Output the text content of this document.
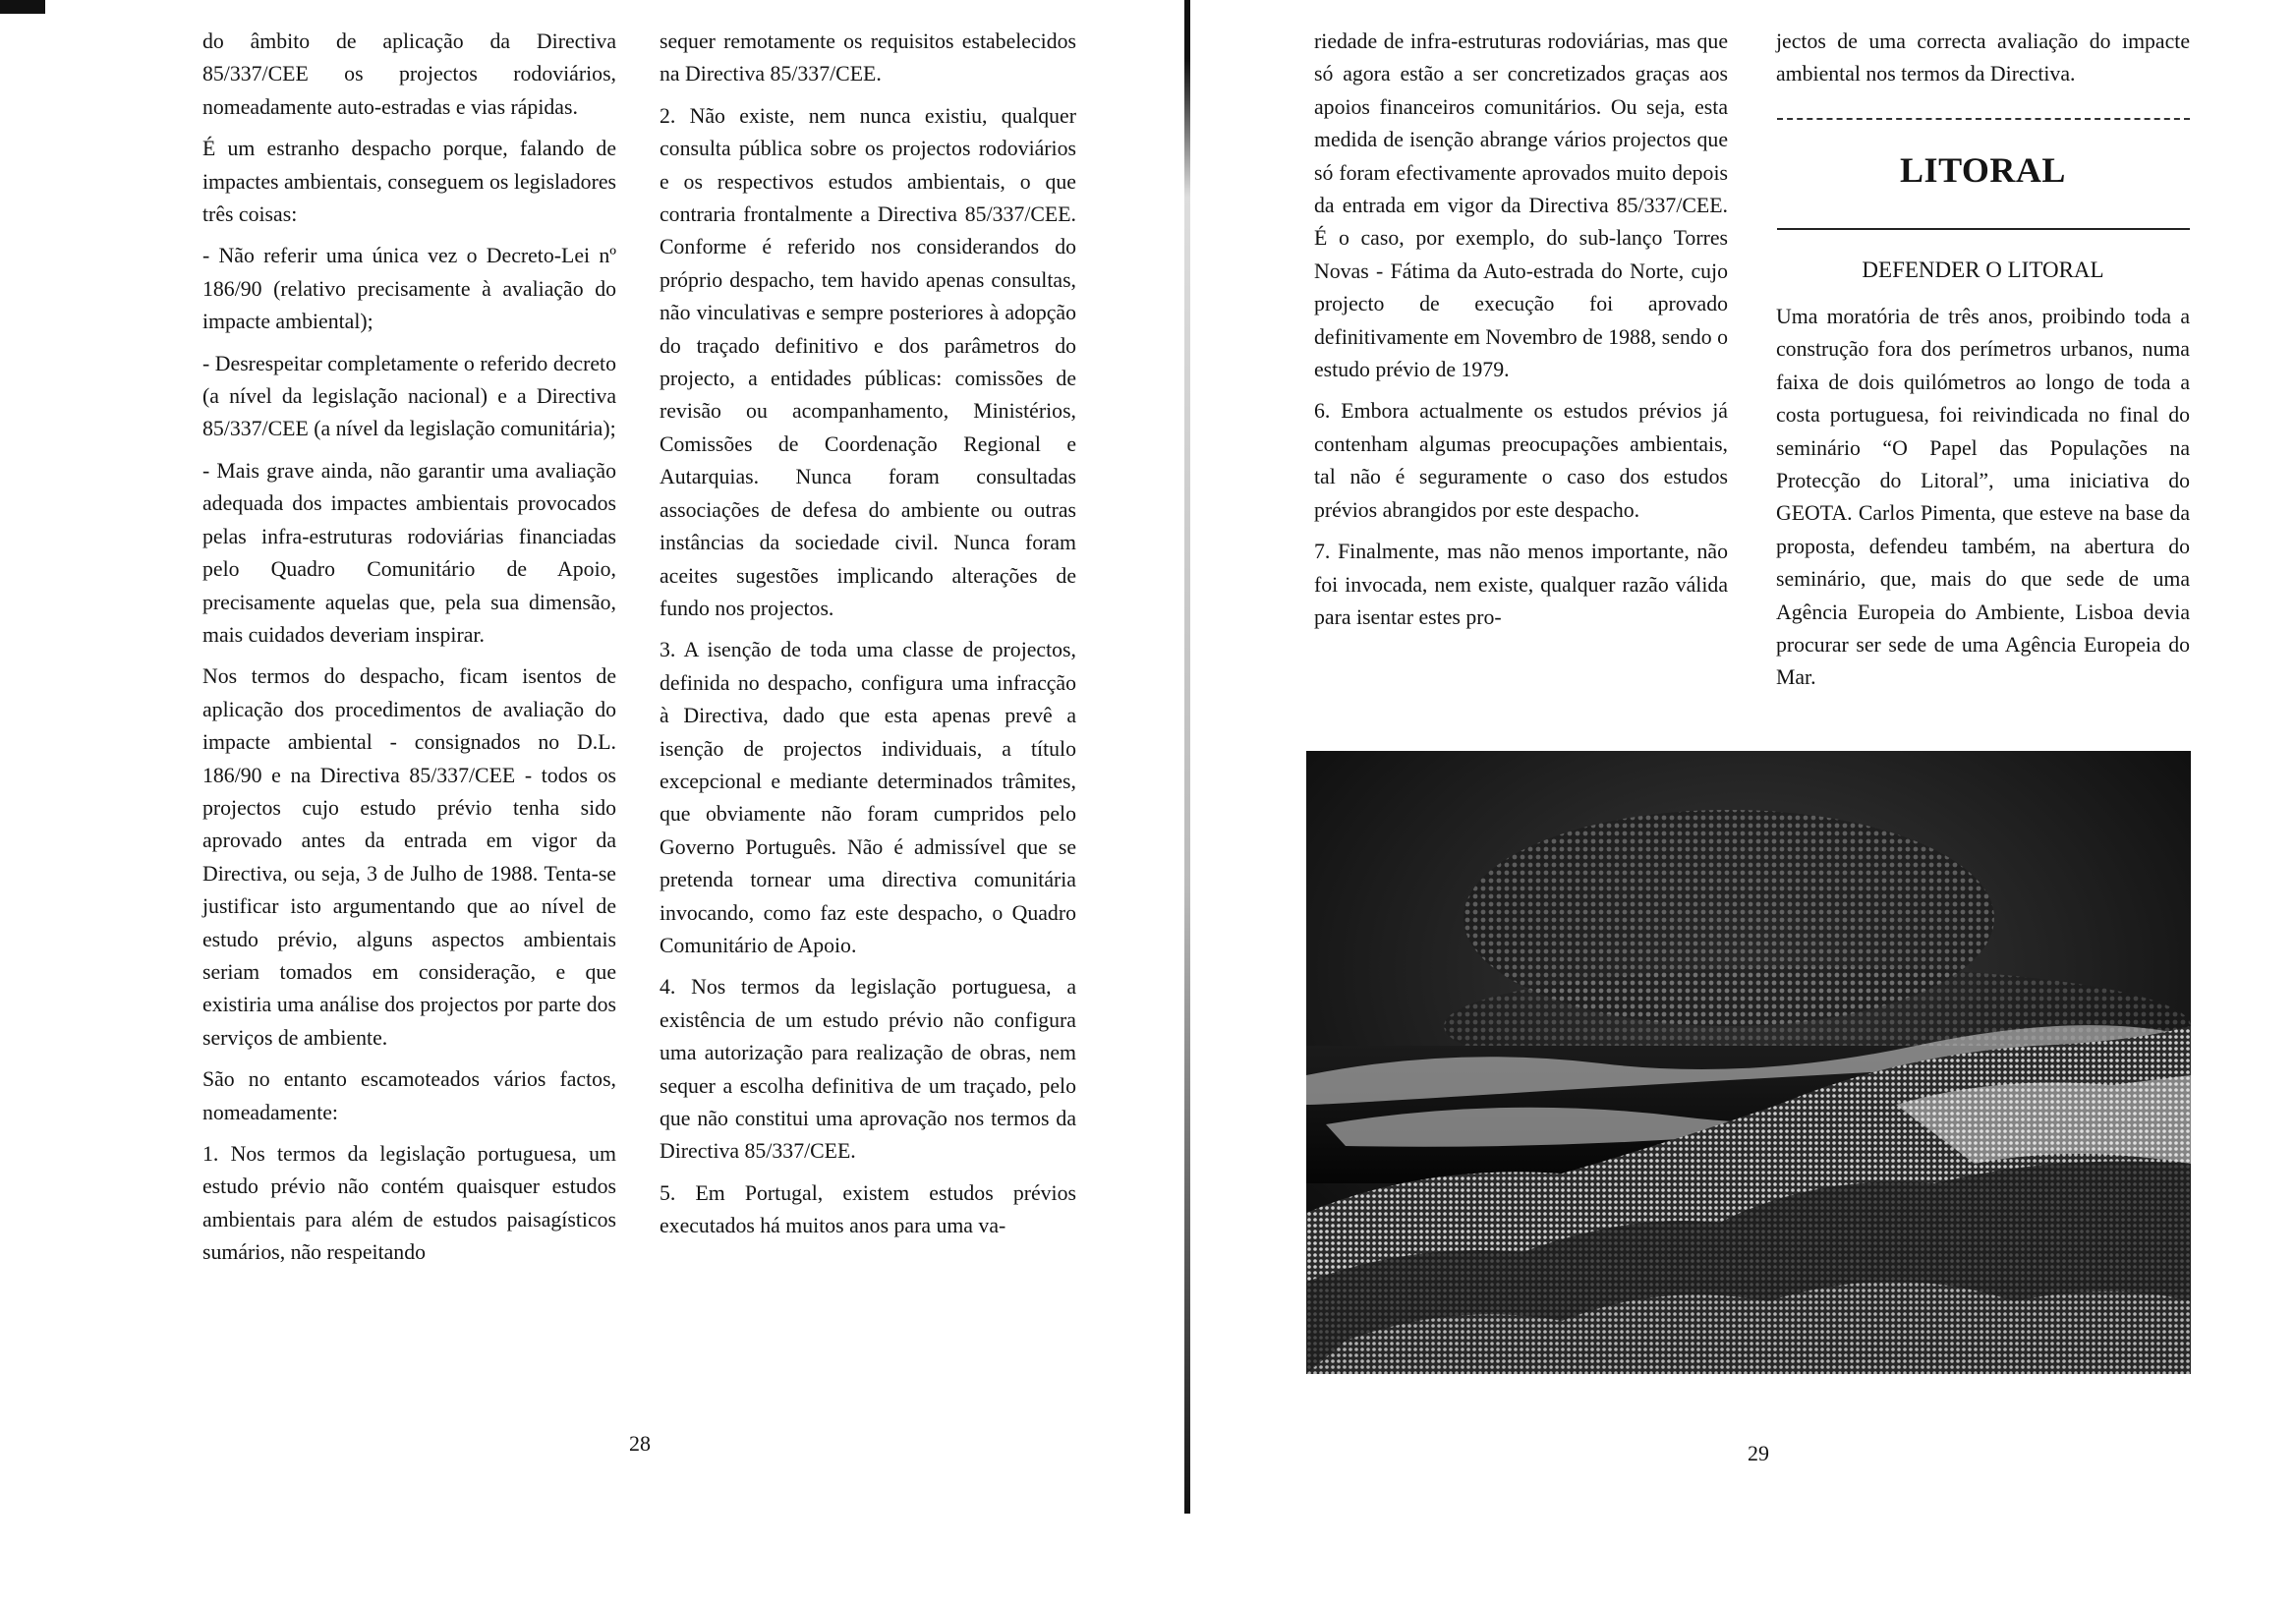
do âmbito de aplicação da Directiva 85/337/CEE os projectos rodoviários, nomeadamente auto-estradas e vias rápidas.

É um estranho despacho porque, falando de impactes ambientais, conseguem os legisladores três coisas:

- Não referir uma única vez o Decreto-Lei nº 186/90 (relativo precisamente à avaliação do impacte ambiental);

- Desrespeitar completamente o referido decreto (a nível da legislação nacional) e a Directiva 85/337/CEE (a nível da legislação comunitária);

- Mais grave ainda, não garantir uma avaliação adequada dos impactes ambientais provocados pelas infra-estruturas rodoviárias financiadas pelo Quadro Comunitário de Apoio, precisamente aquelas que, pela sua dimensão, mais cuidados deveriam inspirar.

Nos termos do despacho, ficam isentos de aplicação dos procedimentos de avaliação do impacte ambiental - consignados no D.L. 186/90 e na Directiva 85/337/CEE - todos os projectos cujo estudo prévio tenha sido aprovado antes da entrada em vigor da Directiva, ou seja, 3 de Julho de 1988. Tenta-se justificar isto argumentando que ao nível de estudo prévio, alguns aspectos ambientais seriam tomados em consideração, e que existiria uma análise dos projectos por parte dos serviços de ambiente.

São no entanto escamoteados vários factos, nomeadamente:

1. Nos termos da legislação portuguesa, um estudo prévio não contém quaisquer estudos ambientais para além de estudos paisagísticos sumários, não respeitando

sequer remotamente os requisitos estabelecidos na Directiva 85/337/CEE.

2. Não existe, nem nunca existiu, qualquer consulta pública sobre os projectos rodoviários e os respectivos estudos ambientais, o que contraria frontalmente a Directiva 85/337/CEE. Conforme é referido nos considerandos do próprio despacho, tem havido apenas consultas, não vinculativas e sempre posteriores à adopção do traçado definitivo e dos parâmetros do projecto, a entidades públicas: comissões de revisão ou acompanhamento, Ministérios, Comissões de Coordenação Regional e Autarquias. Nunca foram consultadas associações de defesa do ambiente ou outras instâncias da sociedade civil. Nunca foram aceites sugestões implicando alterações de fundo nos projectos.

3. A isenção de toda uma classe de projectos, definida no despacho, configura uma infracção à Directiva, dado que esta apenas prevê a isenção de projectos individuais, a título excepcional e mediante determinados trâmites, que obviamente não foram cumpridos pelo Governo Português. Não é admissível que se pretenda tornear uma directiva comunitária invocando, como faz este despacho, o Quadro Comunitário de Apoio.

4. Nos termos da legislação portuguesa, a existência de um estudo prévio não configura uma autorização para realização de obras, nem sequer a escolha definitiva de um traçado, pelo que não constitui uma aprovação nos termos da Directiva 85/337/CEE.

5. Em Portugal, existem estudos prévios executados há muitos anos para uma va-

28

riedade de infra-estruturas rodoviárias, mas que só agora estão a ser concretizados graças aos apoios financeiros comunitários. Ou seja, esta medida de isenção abrange vários projectos que só foram efectivamente aprovados muito depois da entrada em vigor da Directiva 85/337/CEE. É o caso, por exemplo, do sub-lanço Torres Novas - Fátima da Auto-estrada do Norte, cujo projecto de execução foi aprovado definitivamente em Novembro de 1988, sendo o estudo prévio de 1979.

6. Embora actualmente os estudos prévios já contenham algumas preocupações ambientais, tal não é seguramente o caso dos estudos prévios abrangidos por este despacho.

7. Finalmente, mas não menos importante, não foi invocada, nem existe, qualquer razão válida para isentar estes pro-

jectos de uma correcta avaliação do impacte ambiental nos termos da Directiva.

LITORAL
DEFENDER O LITORAL

Uma moratória de três anos, proibindo toda a construção fora dos perímetros urbanos, numa faixa de dois quilómetros ao longo de toda a costa portuguesa, foi reivindicada no final do seminário “O Papel das Populações na Protecção do Litoral”, uma iniciativa do GEOTA. Carlos Pimenta, que esteve na base da proposta, defendeu também, na abertura do seminário, que, mais do que sede de uma Agência Europeia do Ambiente, Lisboa devia procurar ser sede de uma Agência Europeia do Mar.

29
